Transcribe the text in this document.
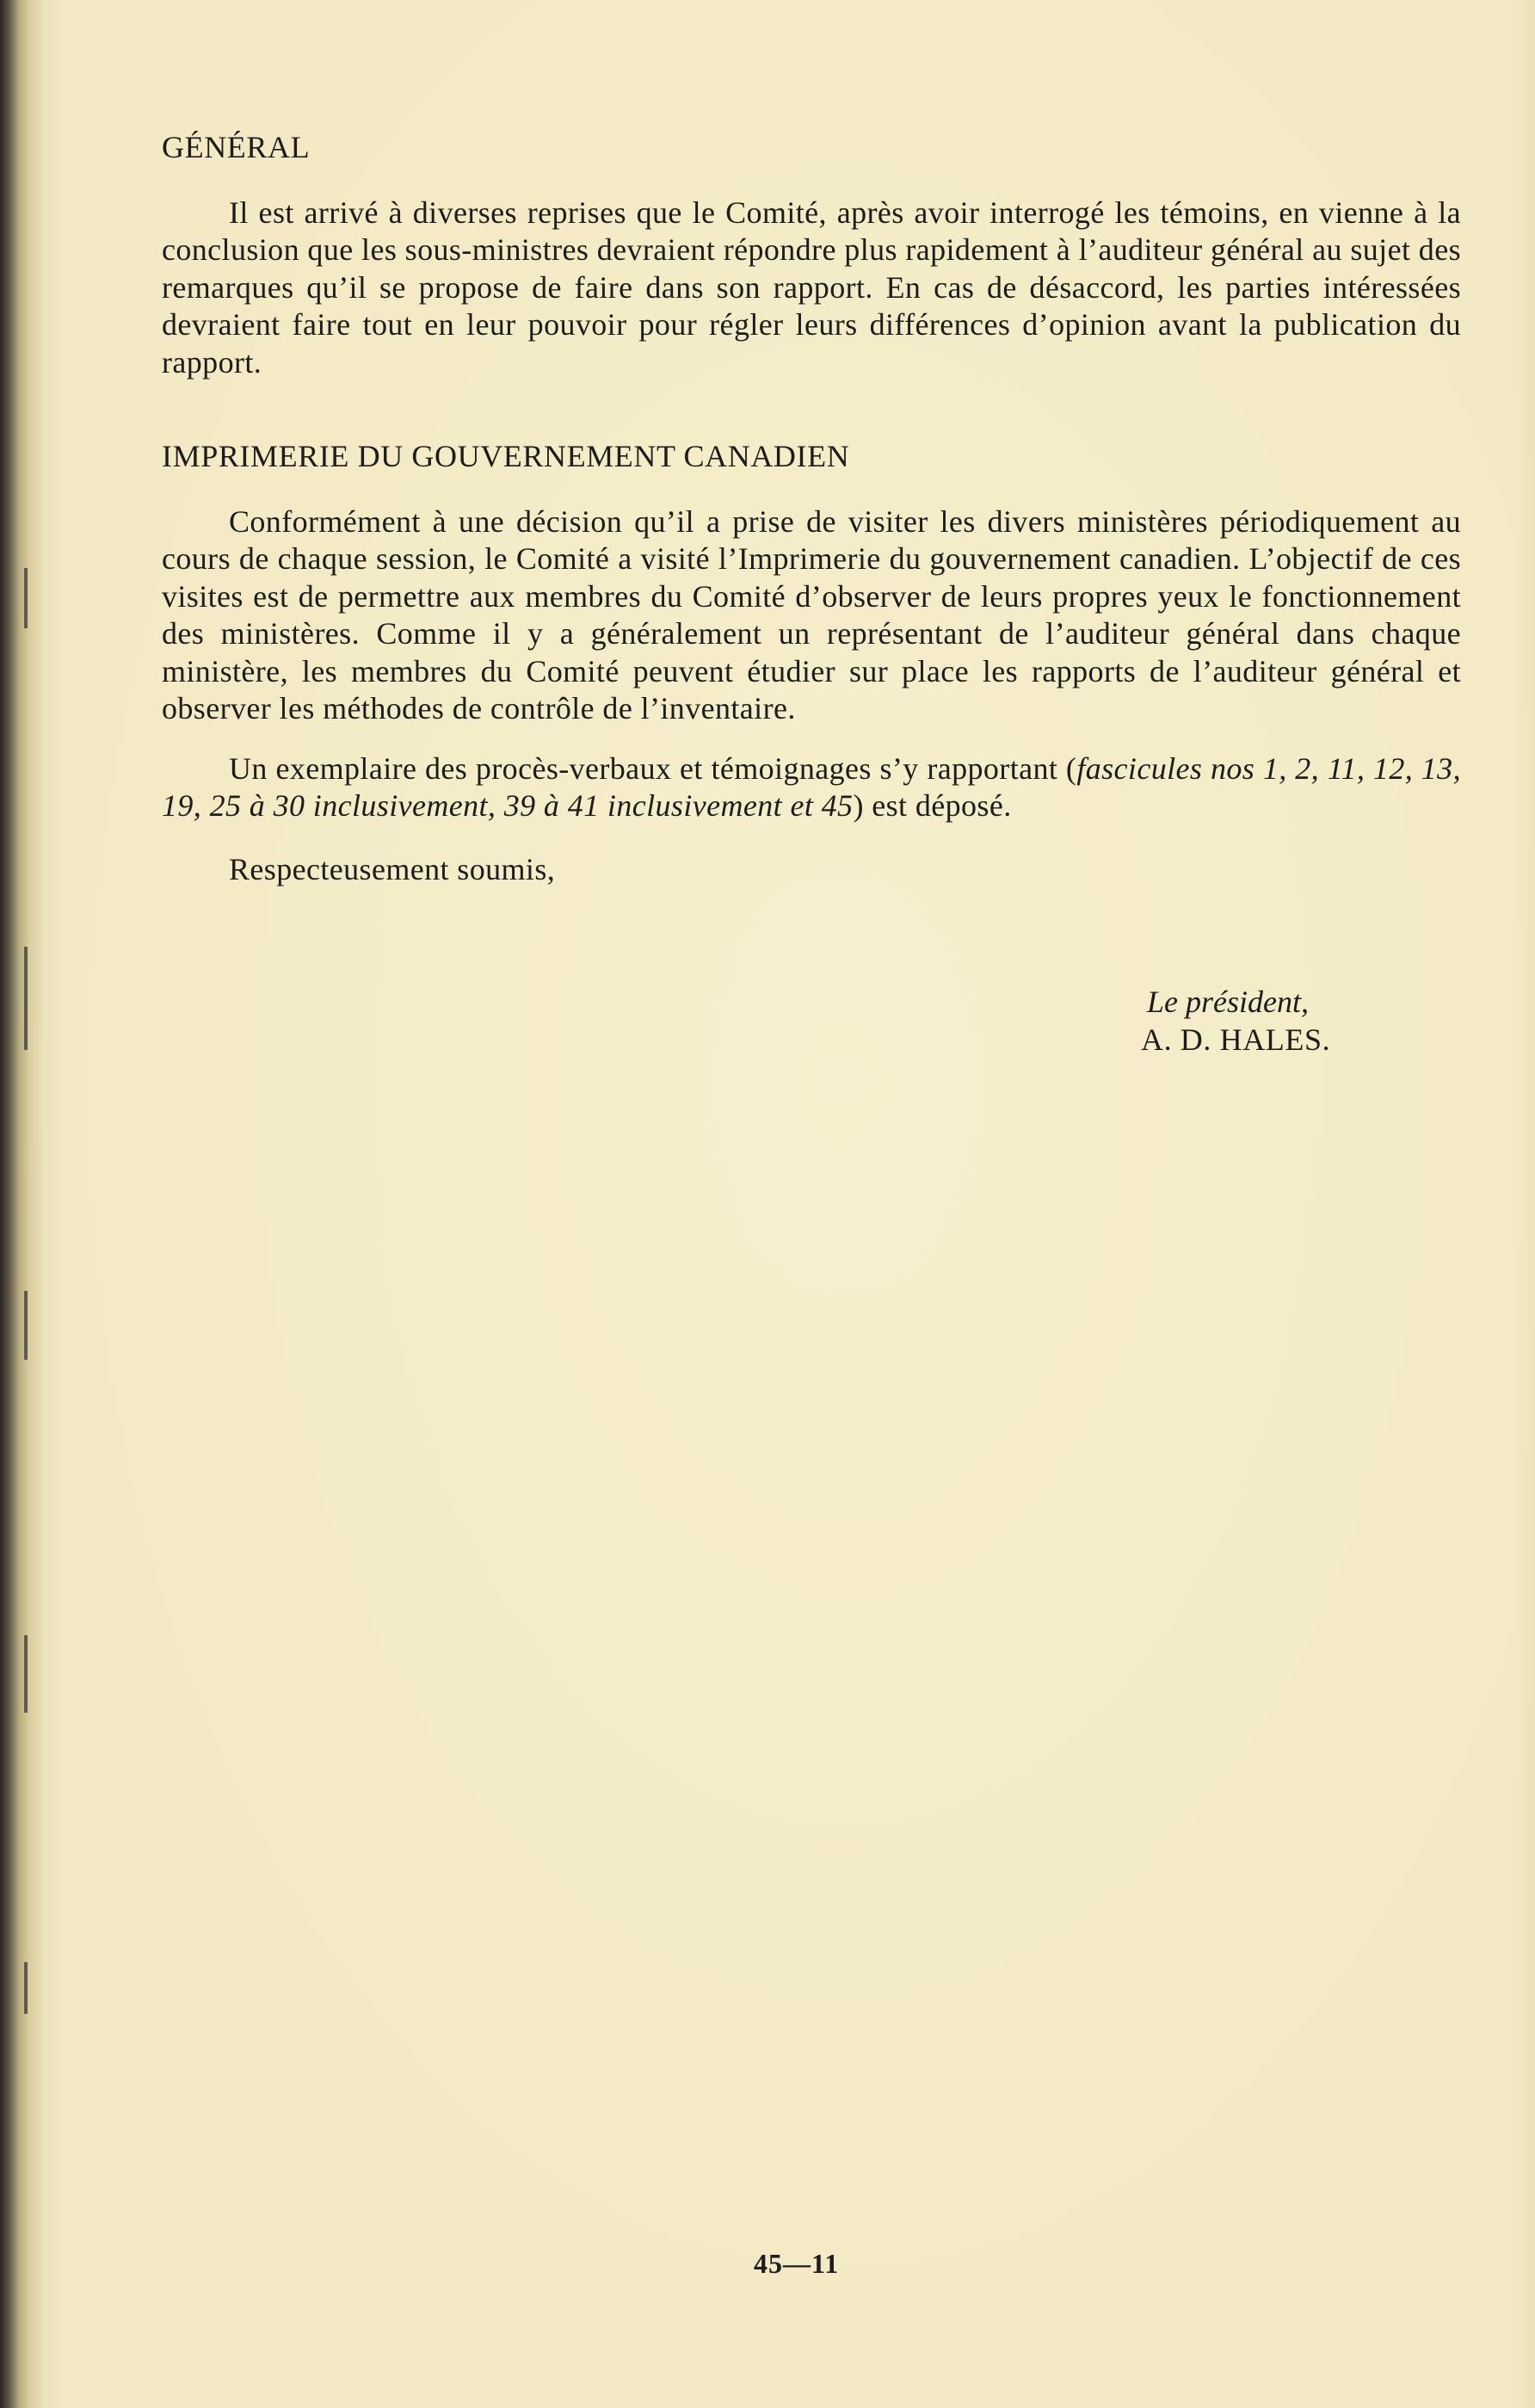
GÉNÉRAL

Il est arrivé à diverses reprises que le Comité, après avoir interrogé les témoins, en vienne à la conclusion que les sous-ministres devraient répondre plus rapidement à l’auditeur général au sujet des remarques qu’il se propose de faire dans son rapport. En cas de désaccord, les parties intéressées devraient faire tout en leur pouvoir pour régler leurs différences d’opinion avant la publication du rapport.

IMPRIMERIE DU GOUVERNEMENT CANADIEN

Conformément à une décision qu’il a prise de visiter les divers ministères périodiquement au cours de chaque session, le Comité a visité l’Imprimerie du gouvernement canadien. L’objectif de ces visites est de permettre aux membres du Comité d’observer de leurs propres yeux le fonctionnement des ministères. Comme il y a généralement un représentant de l’auditeur général dans chaque ministère, les membres du Comité peuvent étudier sur place les rapports de l’auditeur général et observer les méthodes de contrôle de l’inventaire.

Un exemplaire des procès-verbaux et témoignages s’y rapportant (fascicules nos 1, 2, 11, 12, 13, 19, 25 à 30 inclusivement, 39 à 41 inclusivement et 45) est déposé.

Respecteusement soumis,

Le président,
A. D. HALES.
45—11
